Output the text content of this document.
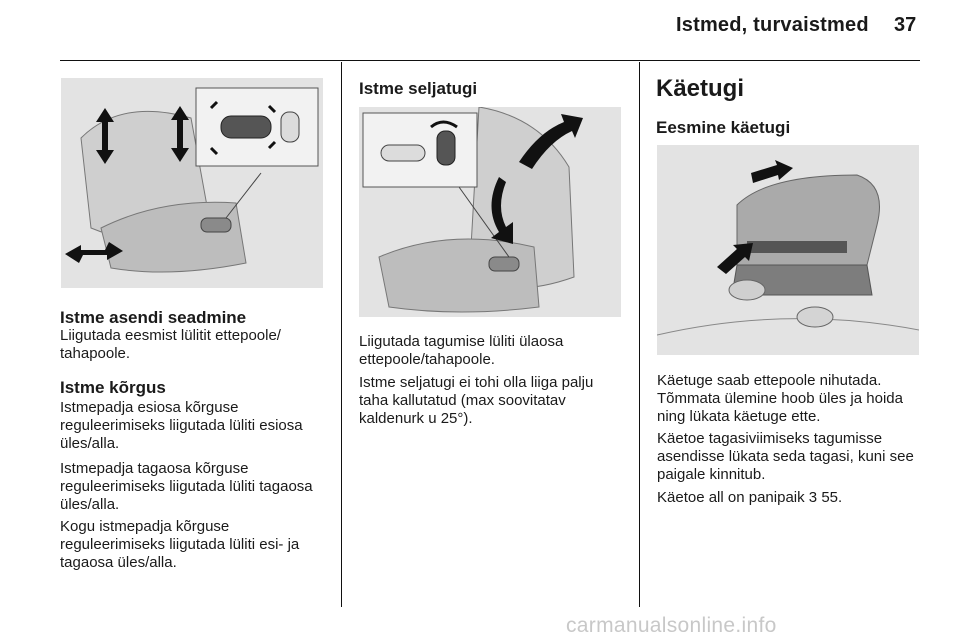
Istmed, turvaistmed 37
Istme asendi seadmine
Liigutada eesmist lülitit ettepoole/ tahapoole.
Istme kõrgus
Istmepadja esiosa kõrguse reguleerimiseks liigutada lüliti esiosa üles/alla.
Istmepadja tagaosa kõrguse reguleerimiseks liigutada lüliti tagaosa üles/alla.
Kogu istmepadja kõrguse reguleerimiseks liigutada lüliti esi- ja tagaosa üles/alla.
Istme seljatugi
Liigutada tagumise lüliti ülaosa ettepoole/tahapoole.
Istme seljatugi ei tohi olla liiga palju taha kallutatud (max soovitatav kaldenurk u 25°).
Käetugi
Eesmine käetugi
Käetuge saab ettepoole nihutada. Tõmmata ülemine hoob üles ja hoida ning lükata käetuge ette.
Käetoe tagasiviimiseks tagumisse asendisse lükata seda tagasi, kuni see paigale kinnitub.
Käetoe all on panipaik 3 55.
carmanualsonline.info
